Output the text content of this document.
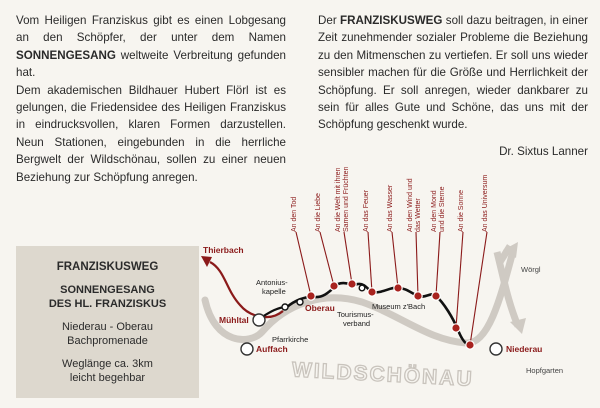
Vom Heiligen Franziskus gibt es einen Lobgesang an den Schöpfer, der unter dem Namen SONNENGESANG weltweite Verbreitung gefunden hat.

Dem akademischen Bildhauer Hubert Flörl ist es gelungen, die Friedensidee des Heiligen Franziskus in eindrucksvollen, klaren Formen darzustellen. Neun Stationen, eingebunden in die herrliche Bergwelt der Wildschönau, sollen zu einer neuen Beziehung zur Schöpfung anregen.

Der FRANZISKUSWEG soll dazu beitragen, in einer Zeit zunehmender sozialer Probleme die Beziehung zu den Mitmenschen zu vertiefen. Er soll uns wieder sensibler machen für die Größe und Herrlichkeit der Schöpfung. Er soll anregen, wieder dankbarer zu sein für alles Gute und Schöne, das uns mit der Schöpfung geschenkt wurde.

Dr. Sixtus Lanner

FRANZISKUSWEG
SONNENGESANG
DES HL. FRANZISKUS
Niederau - Oberau
Bachpromenade
Weglänge ca. 3km
leicht begehbar	WILDSCHÖNAU
An den Tod An die Liebe An die Welt mit ihrenSamen und Früchten An das Feuer An das Wasser An den Wind unddas Wetter An den Mondund die Sterne An die Sonne An das Universum
Thierbach
Mühltal
Auffach
Oberau
Niederau
Wörgl
Hopfgarten
Antonius- kapelle
Pfarrkirche
Museum z'Bach
Tourismus- verband
